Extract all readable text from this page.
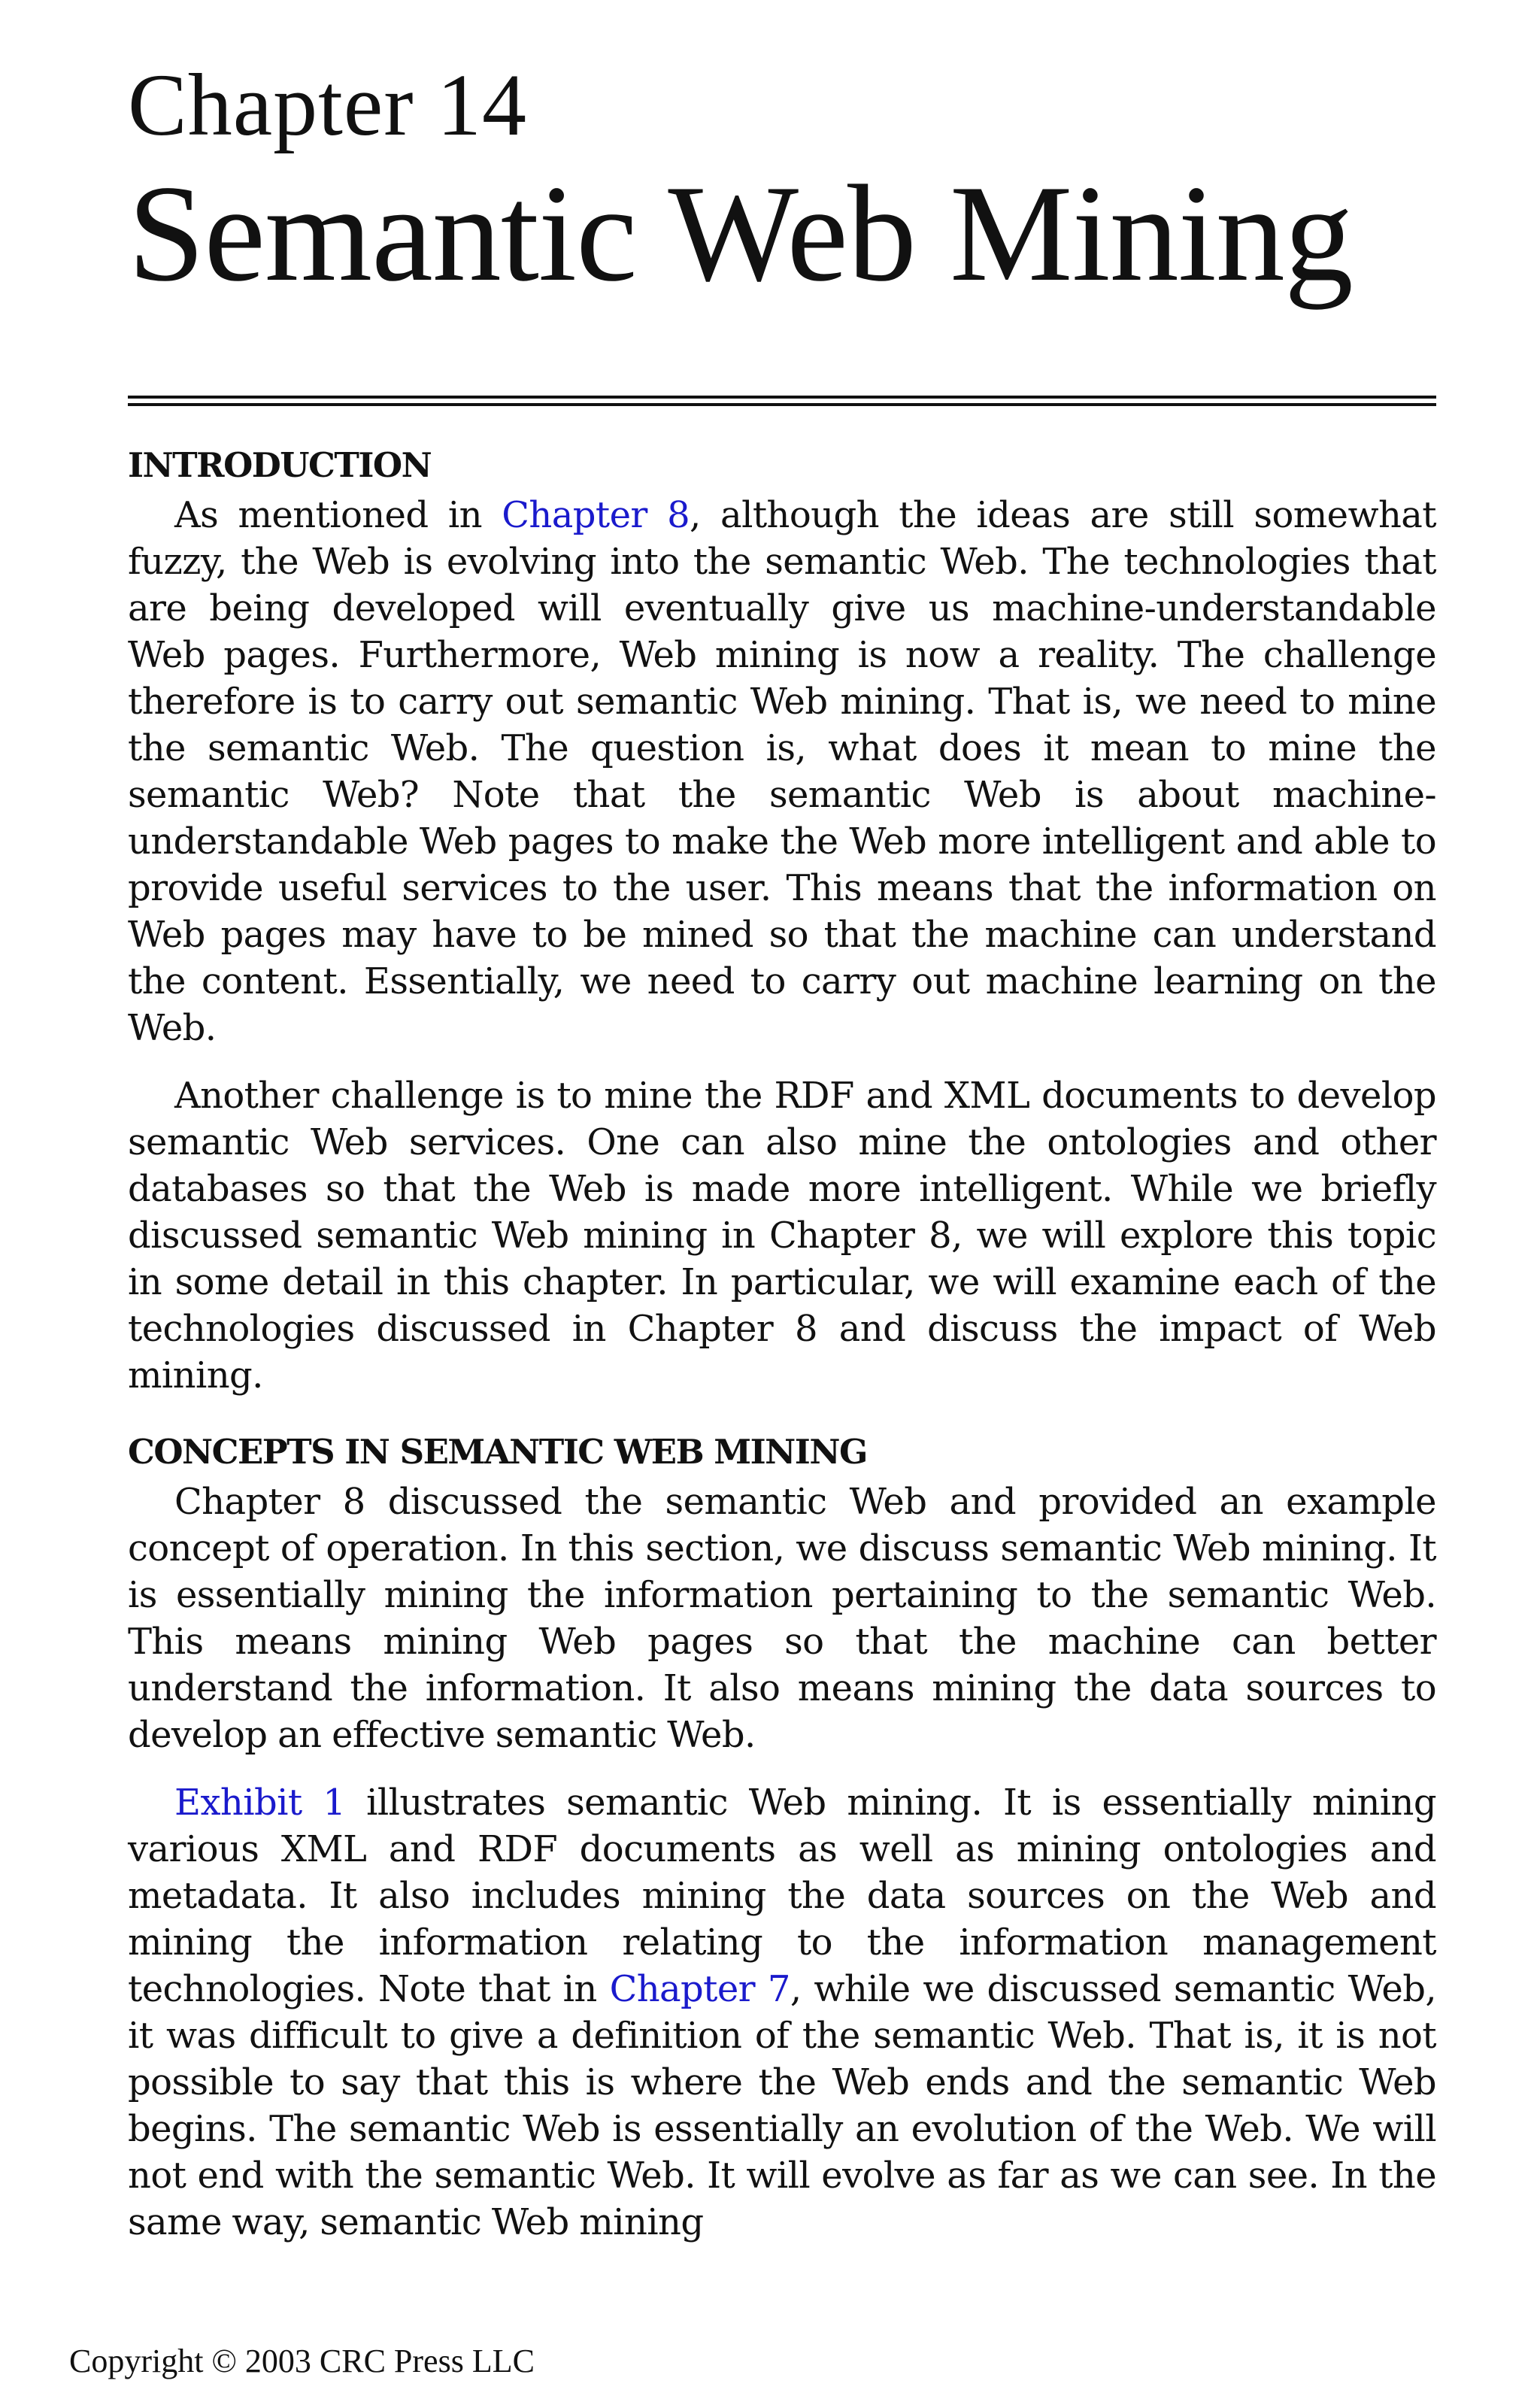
Chapter 14
Semantic Web Mining
INTRODUCTION

As mentioned in Chapter 8, although the ideas are still somewhat fuzzy, the Web is evolving into the semantic Web. The technologies that are being developed will eventually give us machine-understandable Web pages. Furthermore, Web mining is now a reality. The challenge therefore is to carry out semantic Web mining. That is, we need to mine the semantic Web. The question is, what does it mean to mine the semantic Web? Note that the semantic Web is about machine-understandable Web pages to make the Web more intelligent and able to provide useful services to the user. This means that the information on Web pages may have to be mined so that the machine can understand the content. Essentially, we need to carry out machine learning on the Web.

Another challenge is to mine the RDF and XML documents to develop semantic Web services. One can also mine the ontologies and other databases so that the Web is made more intelligent. While we briefly discussed semantic Web mining in Chapter 8, we will explore this topic in some detail in this chapter. In particular, we will examine each of the technologies discussed in Chapter 8 and discuss the impact of Web mining.

CONCEPTS IN SEMANTIC WEB MINING

Chapter 8 discussed the semantic Web and provided an example concept of operation. In this section, we discuss semantic Web mining. It is essentially mining the information pertaining to the semantic Web. This means mining Web pages so that the machine can better understand the information. It also means mining the data sources to develop an effective semantic Web.

Exhibit 1 illustrates semantic Web mining. It is essentially mining various XML and RDF documents as well as mining ontologies and metadata. It also includes mining the data sources on the Web and mining the information relating to the information management technologies. Note that in Chapter 7, while we discussed semantic Web, it was difficult to give a definition of the semantic Web. That is, it is not possible to say that this is where the Web ends and the semantic Web begins. The semantic Web is essentially an evolution of the Web. We will not end with the semantic Web. It will evolve as far as we can see. In the same way, semantic Web mining

Copyright © 2003 CRC Press LLC
